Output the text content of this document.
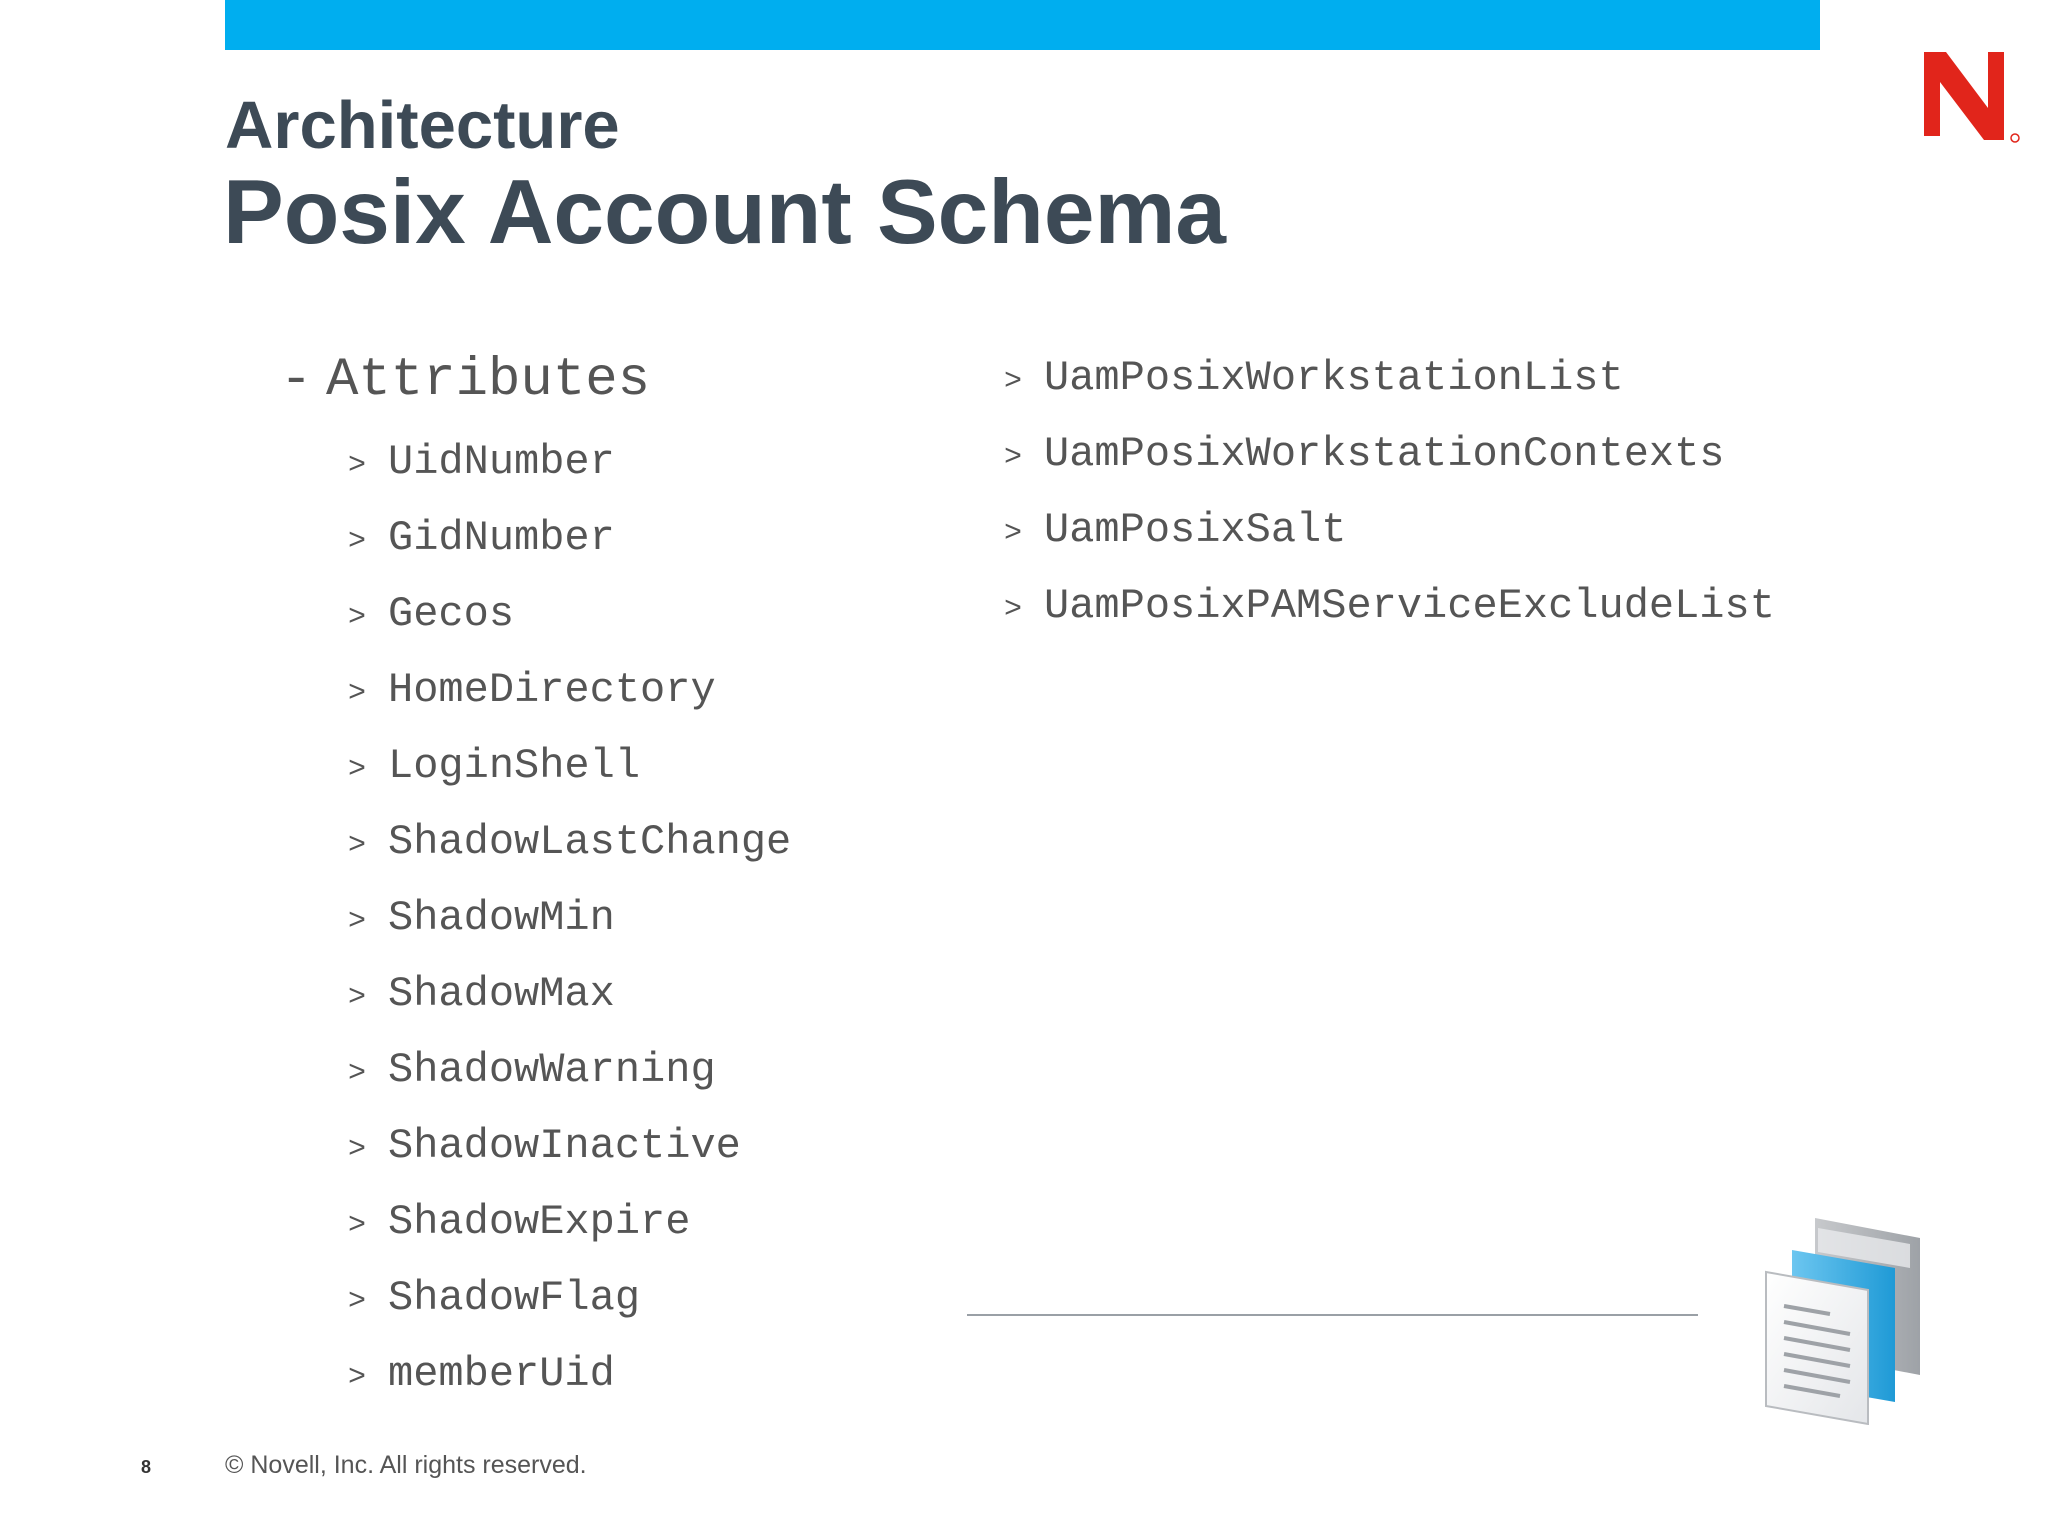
Architecture
Posix Account Schema
- Attributes
> UidNumber
> GidNumber
> Gecos
> HomeDirectory
> LoginShell
> ShadowLastChange
> ShadowMin
> ShadowMax
> ShadowWarning
> ShadowInactive
> ShadowExpire
> ShadowFlag
> memberUid
> UamPosixWorkstationList
> UamPosixWorkstationContexts
> UamPosixSalt
> UamPosixPAMServiceExcludeList
8	© Novell, Inc. All rights reserved.
